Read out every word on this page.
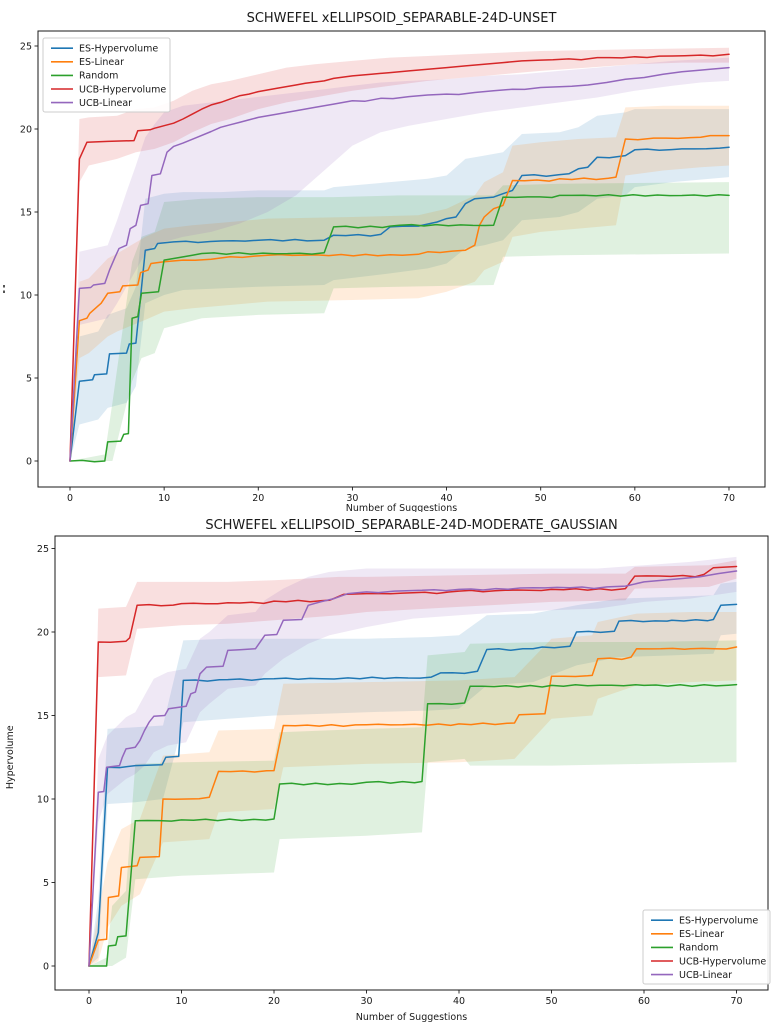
0	10	20	30	40	50	60	70
0
5
10
15
20
25
SCHWEFEL xELLIPSOID_SEPARABLE-24D-UNSET
Number of Suggestions
ES-Hypervolume
ES-Linear
Random
UCB-Hypervolume
UCB-Linear
0	10	20	30	40	50	60	70
0
5
10
15
20
25
SCHWEFEL xELLIPSOID_SEPARABLE-24D-MODERATE_GAUSSIAN
Number of Suggestions
Hypervolume
ES-Hypervolume
ES-Linear
Random
UCB-Hypervolume
UCB-Linear
